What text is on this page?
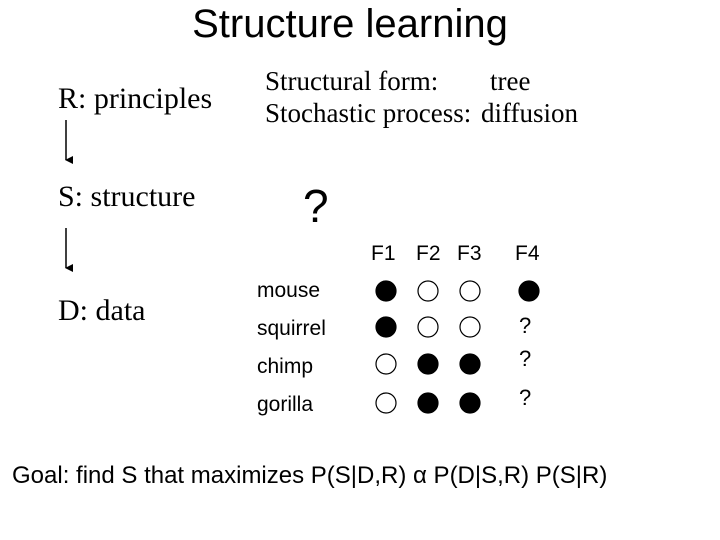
Structure learning
R: principles
S: structure
D: data
Structural form: tree
Stochastic process: diffusion
?
F1 F2 F3 F4
mouse
squirrel
chimp
gorilla
?
?
?
Goal: find S that maximizes P(S|D,R) α P(D|S,R) P(S|R)
